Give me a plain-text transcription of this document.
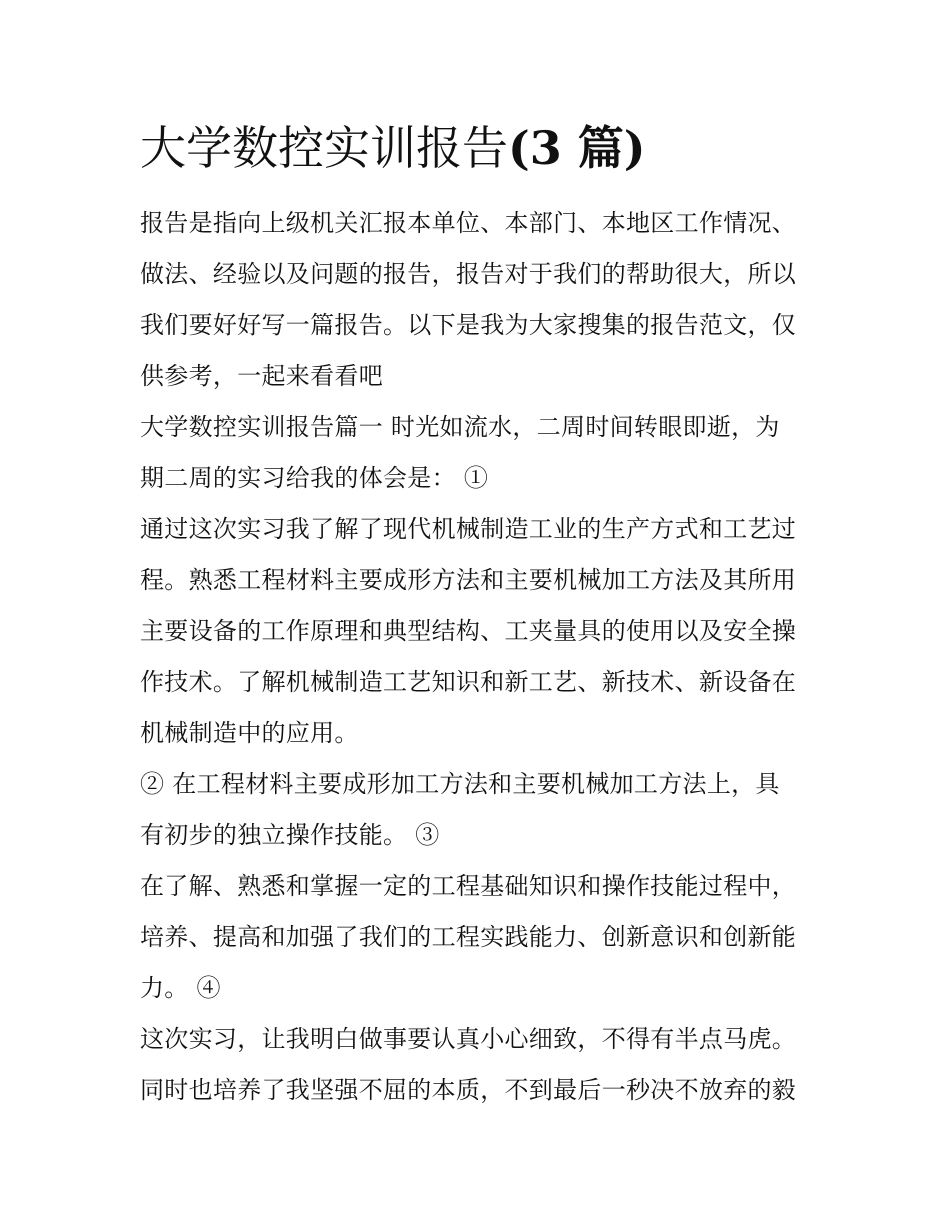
大学数控实训报告(3 篇)
报告是指向上级机关汇报本单位、本部门、本地区工作情况、
做法、经验以及问题的报告，报告对于我们的帮助很大，所以
我们要好好写一篇报告。以下是我为大家搜集的报告范文，仅
供参考，一起来看看吧
大学数控实训报告篇一 时光如流水，二周时间转眼即逝，为
期二周的实习给我的体会是： ①
通过这次实习我了解了现代机械制造工业的生产方式和工艺过
程。熟悉工程材料主要成形方法和主要机械加工方法及其所用
主要设备的工作原理和典型结构、工夹量具的使用以及安全操
作技术。了解机械制造工艺知识和新工艺、新技术、新设备在
机械制造中的应用。
② 在工程材料主要成形加工方法和主要机械加工方法上，具
有初步的独立操作技能。 ③
在了解、熟悉和掌握一定的工程基础知识和操作技能过程中，
培养、提高和加强了我们的工程实践能力、创新意识和创新能
力。 ④
这次实习，让我明白做事要认真小心细致，不得有半点马虎。
同时也培养了我坚强不屈的本质，不到最后一秒决不放弃的毅
